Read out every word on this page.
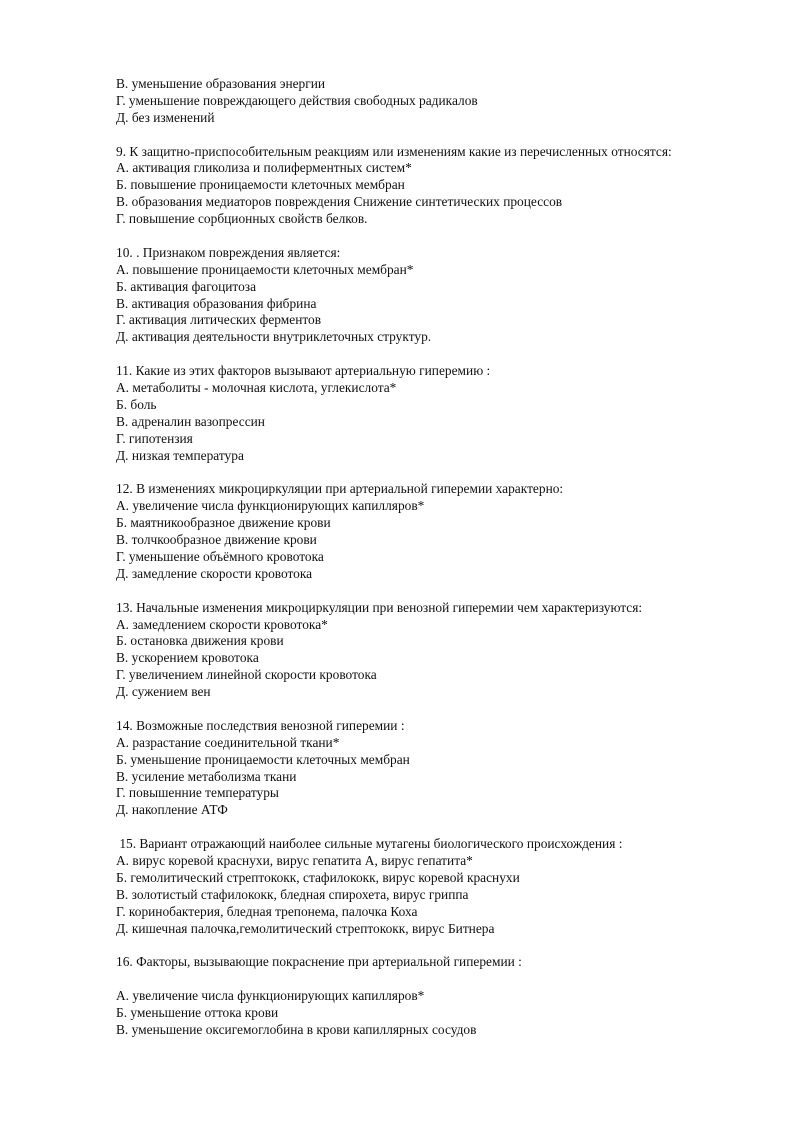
В. уменьшение образования энергии
Г. уменьшение повреждающего действия свободных радикалов
Д. без изменений
9. К защитно-приспособительным реакциям или изменениям какие из перечисленных относятся:
А. активация гликолиза и полиферментных систем*
Б. повышение проницаемости клеточных мембран
В. образования медиаторов повреждения Снижение синтетических процессов
Г. повышение сорбционных свойств белков.
10. . Признаком повреждения является:
А. повышение проницаемости клеточных мембран*
Б. активация фагоцитоза
В. активация образования фибрина
Г. активация литических ферментов
Д. активация деятельности внутриклеточных структур.
11. Какие из этих факторов вызывают артериальную гиперемию :
А. метаболиты - молочная кислота, углекислота*
Б. боль
В. адреналин вазопрессин
Г. гипотензия
Д. низкая температура
12. В изменениях микроциркуляции при артериальной гиперемии характерно:
А. увеличение числа функционирующих капилляров*
Б. маятникообразное движение крови
В. толчкообразное движение крови
Г. уменьшение объёмного кровотока
Д. замедление скорости кровотока
13. Начальные изменения микроциркуляции при венозной гиперемии чем характеризуются:
А. замедлением скорости кровотока*
Б. остановка движения крови
В. ускорением кровотока
Г. увеличением линейной скорости кровотока
Д. сужением вен
14. Возможные последствия венозной гиперемии :
А. разрастание соединительной ткани*
Б. уменьшение проницаемости клеточных мембран
В. усиление метаболизма ткани
Г. повышенние температуры
Д. накопление АТФ
15. Вариант отражающий наиболее сильные мутагены биологического происхождения :
А. вирус коревой краснухи, вирус гепатита А, вирус гепатита*
Б. гемолитический стрептококк, стафилококк, вирус коревой краснухи
В. золотистый стафилококк, бледная спирохета, вирус гриппа
Г. коринобактерия, бледная трепонема, палочка Коха
Д. кишечная палочка,гемолитический стрептококк, вирус Битнера
16. Факторы, вызывающие покраснение при артериальной гиперемии :
А. увеличение числа функционирующих капилляров*
Б. уменьшение оттока крови
В. уменьшение оксигемоглобина в крови капиллярных сосудов
